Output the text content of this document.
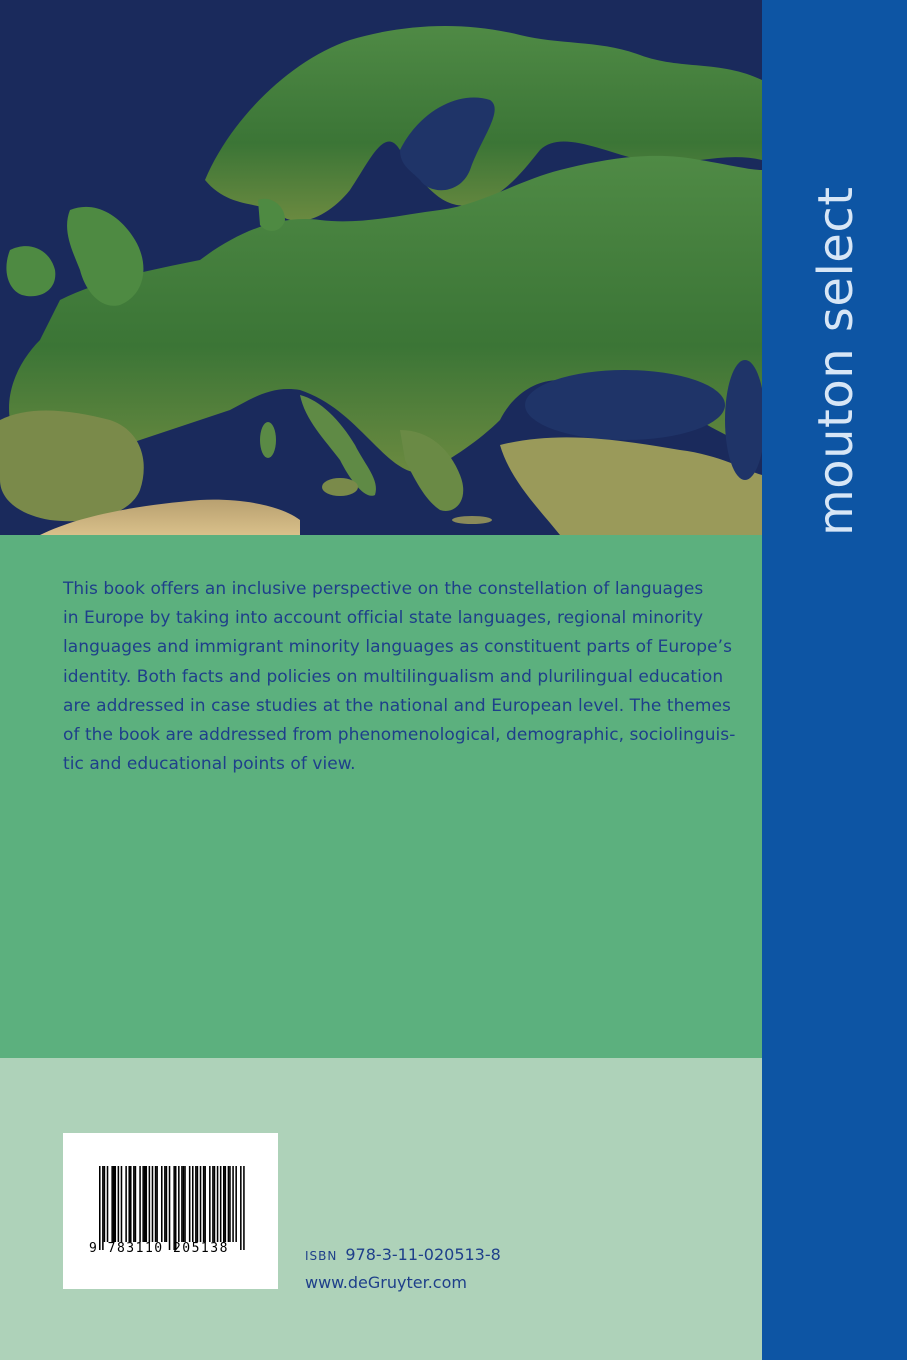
This book offers an inclusive perspective on the constellation of languages
in Europe by taking into account official state languages, regional minority
languages and immigrant minority languages as constituent parts of Europe’s
identity. Both facts and policies on multilingualism and plurilingual education
are addressed in case studies at the national and European level. The themes
of the book are addressed from phenomenological, demographic, sociolinguis-
tic and educational points of view.

mouton select
9 783110 205138	ISBN 978-3-11-020513-8
www.deGruyter.com
